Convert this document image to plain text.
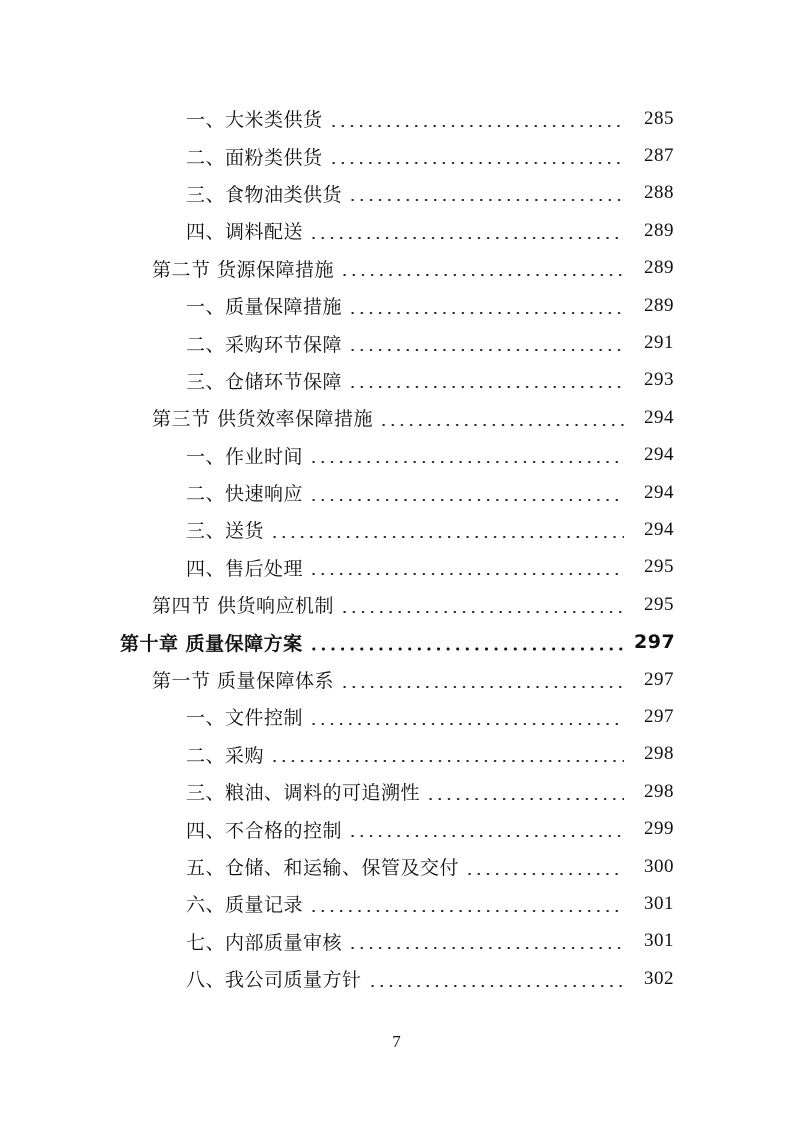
一、大米类供货	285
二、面粉类供货	287
三、食物油类供货	288
四、调料配送	289
第二节 货源保障措施	289
一、质量保障措施	289
二、采购环节保障	291
三、仓储环节保障	293
第三节 供货效率保障措施	294
一、作业时间	294
二、快速响应	294
三、送货	294
四、售后处理	295
第四节 供货响应机制	295
第十章 质量保障方案	297
第一节 质量保障体系	297
一、文件控制	297
二、采购	298
三、粮油、调料的可追溯性	298
四、不合格的控制	299
五、仓储、和运输、保管及交付	300
六、质量记录	301
七、内部质量审核	301
八、我公司质量方针	302
7
